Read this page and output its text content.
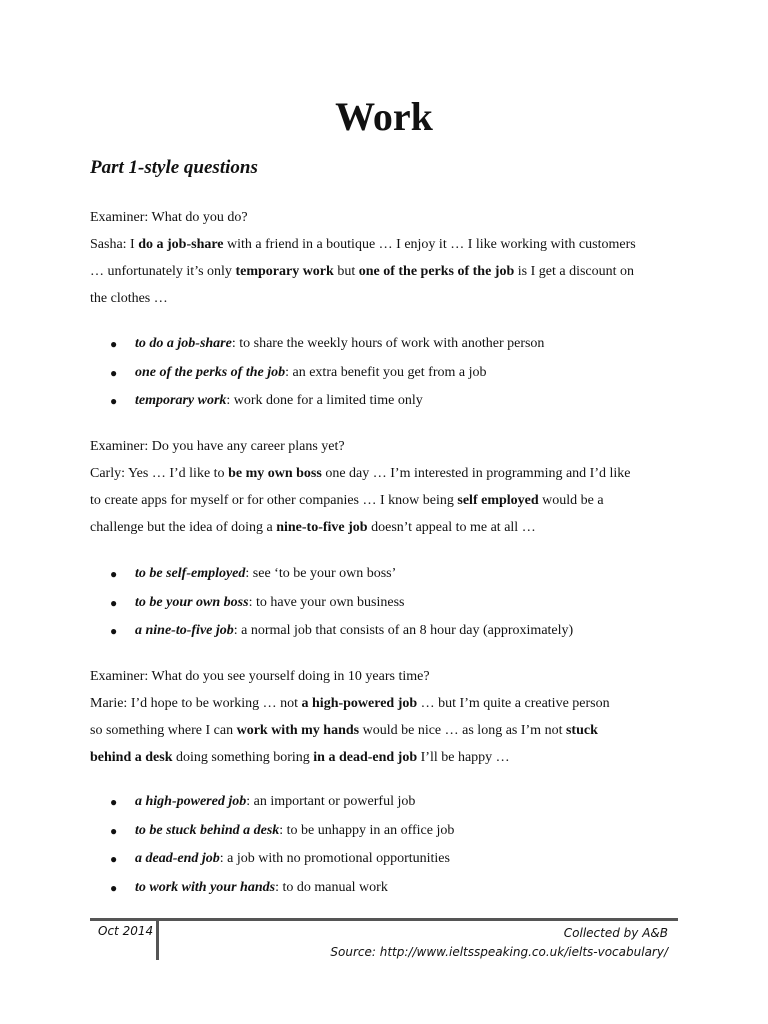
Work
Part 1-style questions

Examiner: What do you do?

Sasha: I do a job-share with a friend in a boutique … I enjoy it … I like working with customers

… unfortunately it’s only temporary work but one of the perks of the job is I get a discount on

the clothes …

● to do a job-share: to share the weekly hours of work with another person
● one of the perks of the job: an extra benefit you get from a job
● temporary work: work done for a limited time only

Examiner: Do you have any career plans yet?

Carly: Yes … I’d like to be my own boss one day … I’m interested in programming and I’d like

to create apps for myself or for other companies … I know being self employed would be a

challenge but the idea of doing a nine-to-five job doesn’t appeal to me at all …

● to be self-employed: see ‘to be your own boss’
● to be your own boss: to have your own business
● a nine-to-five job: a normal job that consists of an 8 hour day (approximately)

Examiner: What do you see yourself doing in 10 years time?

Marie: I’d hope to be working … not a high-powered job … but I’m quite a creative person

so something where I can work with my hands would be nice … as long as I’m not stuck

behind a desk doing something boring in a dead-end job I’ll be happy …

● a high-powered job: an important or powerful job
● to be stuck behind a desk: to be unhappy in an office job
● a dead-end job: a job with no promotional opportunities
● to work with your hands: to do manual work
Oct 2014	Collected by A&B
Source: http://www.ieltsspeaking.co.uk/ielts-vocabulary/
